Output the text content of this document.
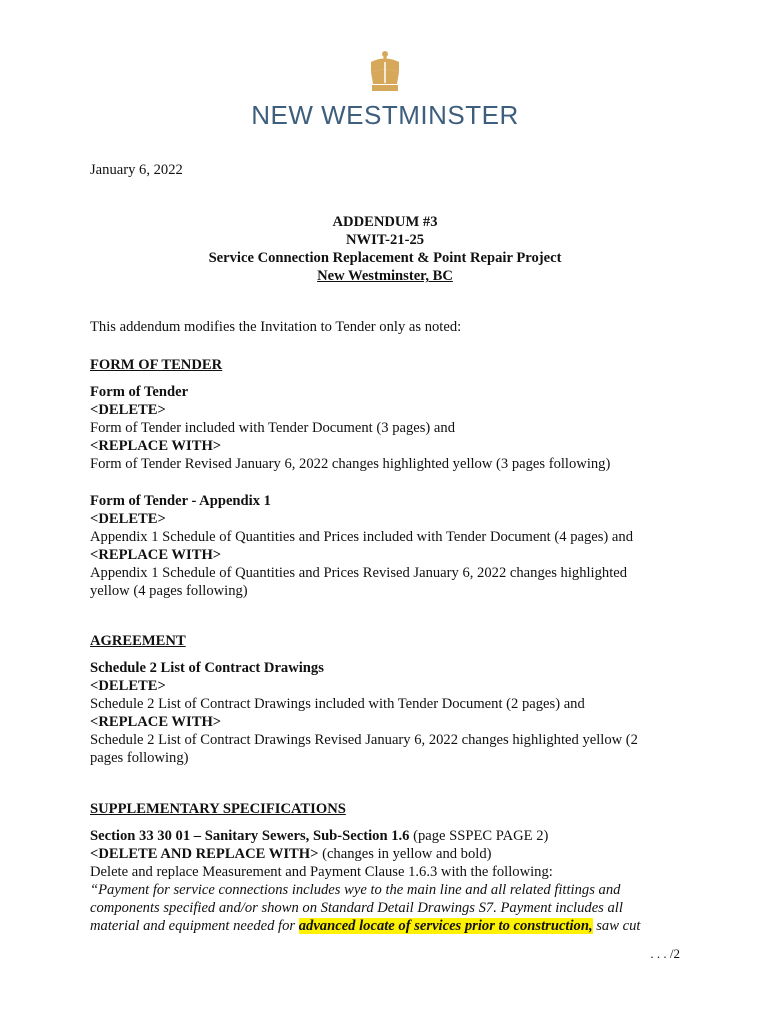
NEW WESTMINSTER
January 6, 2022
ADDENDUM #3
NWIT-21-25
Service Connection Replacement & Point Repair Project
New Westminster, BC
This addendum modifies the Invitation to Tender only as noted:
FORM OF TENDER
Form of Tender
<DELETE>
Form of Tender included with Tender Document (3 pages) and
<REPLACE WITH>
Form of Tender Revised January 6, 2022 changes highlighted yellow (3 pages following)
Form of Tender - Appendix 1
<DELETE>
Appendix 1 Schedule of Quantities and Prices included with Tender Document (4 pages) and
<REPLACE WITH>
Appendix 1 Schedule of Quantities and Prices Revised January 6, 2022 changes highlighted
yellow (4 pages following)
AGREEMENT
Schedule 2 List of Contract Drawings
<DELETE>
Schedule 2 List of Contract Drawings included with Tender Document (2 pages) and
<REPLACE WITH>
Schedule 2 List of Contract Drawings Revised January 6, 2022 changes highlighted yellow (2
pages following)
SUPPLEMENTARY SPECIFICATIONS
Section 33 30 01 – Sanitary Sewers, Sub-Section 1.6 (page SSPEC PAGE 2)
<DELETE AND REPLACE WITH> (changes in yellow and bold)
Delete and replace Measurement and Payment Clause 1.6.3 with the following:
“Payment for service connections includes wye to the main line and all related fittings and
components specified and/or shown on Standard Detail Drawings S7. Payment includes all
material and equipment needed for advanced locate of services prior to construction, saw cut
. . . /2
